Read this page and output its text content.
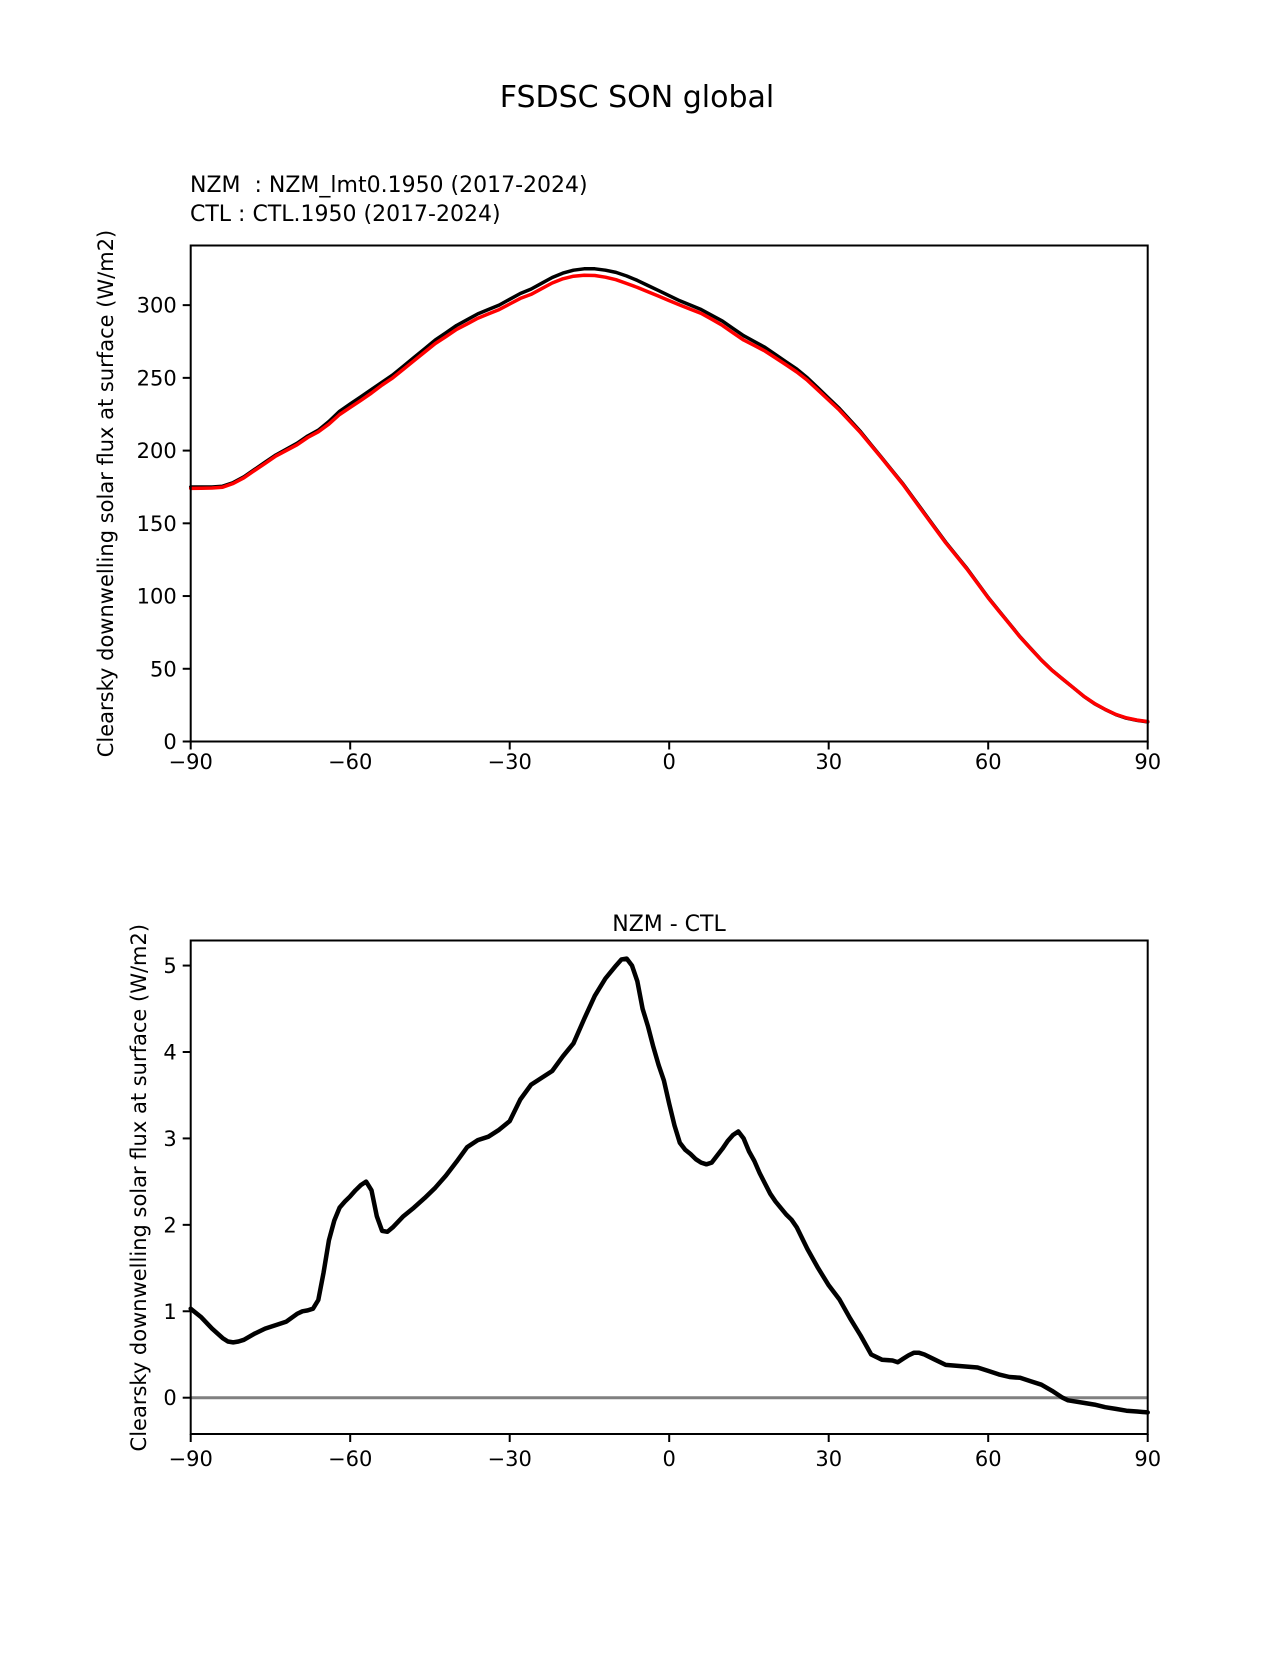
FSDSC SON global
NZM  : NZM_lmt0.1950 (2017-2024)
CTL : CTL.1950 (2017-2024)
Clearsky downwelling solar flux at surface (W/m2)
NZM - CTL
Clearsky downwelling solar flux at surface (W/m2)
−90	−60	−30	0	30	60	90
0
50
100
150
200
250
300
−90	−60	−30	0	30	60	90
0
1
2
3
4
5
